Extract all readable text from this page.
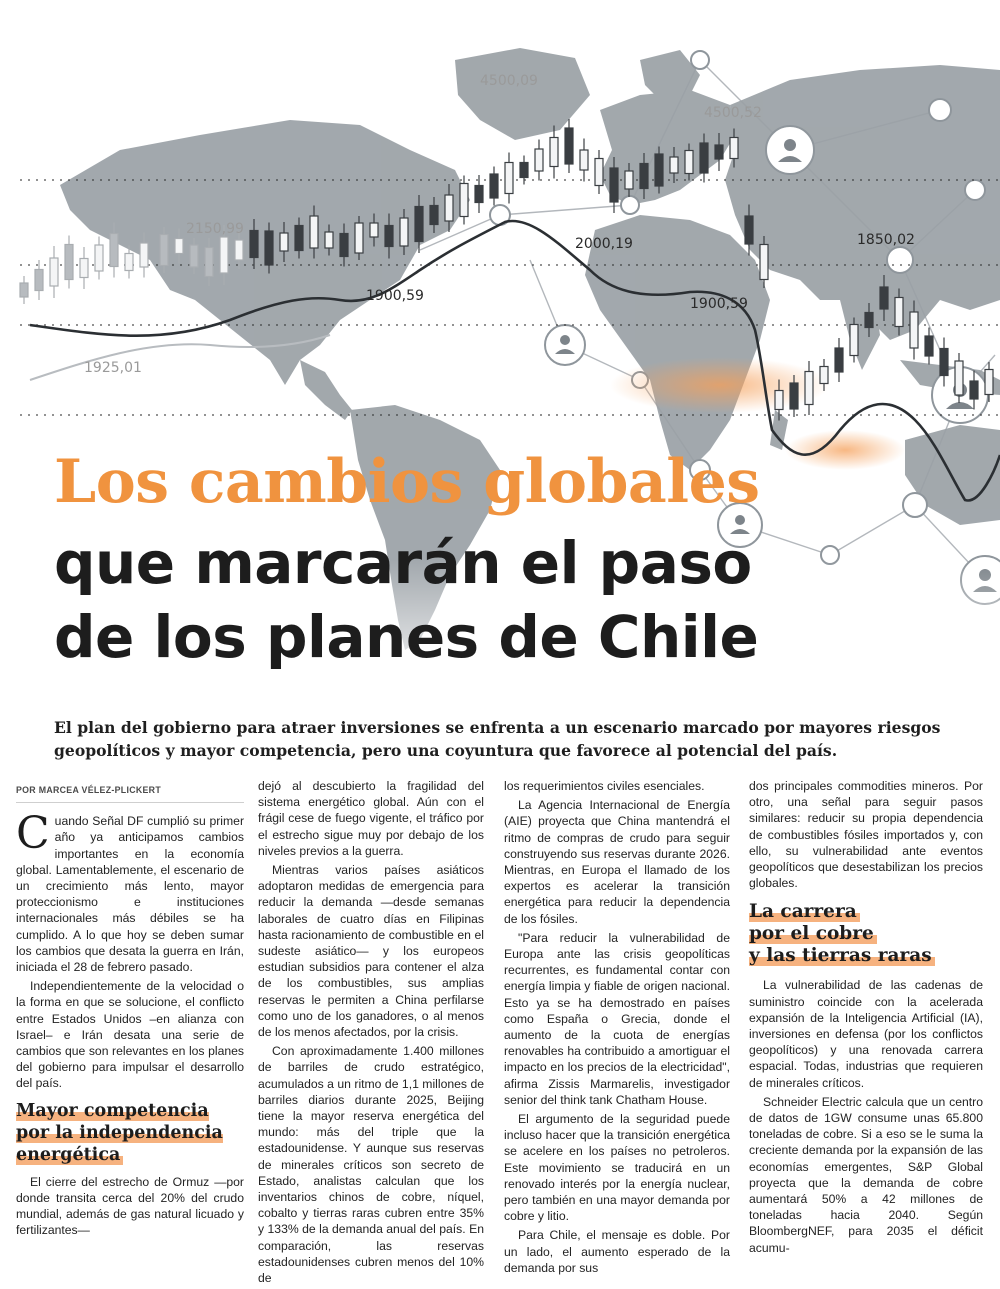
4500,09
4500,52
2150,99
2000,19	1850,02
1900,59	1900,59
1925,01
Los cambios globales
que marcarán el paso
de los planes de Chile

El plan del gobierno para atraer inversiones se enfrenta a un escenario marcado por mayores riesgos geopolíticos y mayor competencia, pero una coyuntura que favorece al potencial del país.

POR MARCEA VÉLEZ-PLICKERT

Cuando Señal DF cumplió su primer año ya anticipamos cambios importantes en la economía global. Lamentablemente, el escenario de un crecimiento más lento, mayor proteccionismo e instituciones internacionales más débiles se ha cumplido. A lo que hoy se deben sumar los cambios que desata la guerra en Irán, iniciada el 28 de febrero pasado.

Independientemente de la velocidad o la forma en que se solucione, el conflicto entre Estados Unidos –en alianza con Israel– e Irán desata una serie de cambios que son relevantes en los planes del gobierno para impulsar el desarrollo del país.

Mayor competencia por la independencia energética

El cierre del estrecho de Ormuz —por donde transita cerca del 20% del crudo mundial, además de gas natural licuado y fertilizantes—

dejó al descubierto la fragilidad del sistema energético global. Aún con el frágil cese de fuego vigente, el tráfico por el estrecho sigue muy por debajo de los niveles previos a la guerra.

Mientras varios países asiáticos adoptaron medidas de emergencia para reducir la demanda —desde semanas laborales de cuatro días en Filipinas hasta racionamiento de combustible en el sudeste asiático— y los europeos estudian subsidios para contener el alza de los combustibles, sus amplias reservas le permiten a China perfilarse como uno de los ganadores, o al menos de los menos afectados, por la crisis.

Con aproximadamente 1.400 millones de barriles de crudo estratégico, acumulados a un ritmo de 1,1 millones de barriles diarios durante 2025, Beijing tiene la mayor reserva energética del mundo: más del triple que la estadounidense. Y aunque sus reservas de minerales críticos son secreto de Estado, analistas calculan que los inventarios chinos de cobre, níquel, cobalto y tierras raras cubren entre 35% y 133% de la demanda anual del país. En comparación, las reservas estadounidenses cubren menos del 10% de

los requerimientos civiles esenciales.

La Agencia Internacional de Energía (AIE) proyecta que China mantendrá el ritmo de compras de crudo para seguir construyendo sus reservas durante 2026. Mientras, en Europa el llamado de los expertos es acelerar la transición energética para reducir la dependencia de los fósiles.

"Para reducir la vulnerabilidad de Europa ante las crisis geopolíticas recurrentes, es fundamental contar con energía limpia y fiable de origen nacional. Esto ya se ha demostrado en países como España o Grecia, donde el aumento de la cuota de energías renovables ha contribuido a amortiguar el impacto en los precios de la electricidad", afirma Zissis Marmarelis, investigador senior del think tank Chatham House.

El argumento de la seguridad puede incluso hacer que la transición energética se acelere en los países no petroleros. Este movimiento se traducirá en un renovado interés por la energía nuclear, pero también en una mayor demanda por cobre y litio.

Para Chile, el mensaje es doble. Por un lado, el aumento esperado de la demanda por sus

dos principales commodities mineros. Por otro, una señal para seguir pasos similares: reducir su propia dependencia de combustibles fósiles importados y, con ello, su vulnerabilidad ante eventos geopolíticos que desestabilizan los precios globales.

La carrera
por el cobre
y las tierras raras

La vulnerabilidad de las cadenas de suministro coincide con la acelerada expansión de la Inteligencia Artificial (IA), inversiones en defensa (por los conflictos geopolíticos) y una renovada carrera espacial. Todas, industrias que requieren de minerales críticos.

Schneider Electric calcula que un centro de datos de 1GW consume unas 65.800 toneladas de cobre. Si a eso se le suma la creciente demanda por la expansión de las economías emergentes, S&P Global proyecta que la demanda de cobre aumentará 50% a 42 millones de toneladas hacia 2040. Según BloombergNEF, para 2035 el déficit acumu-
